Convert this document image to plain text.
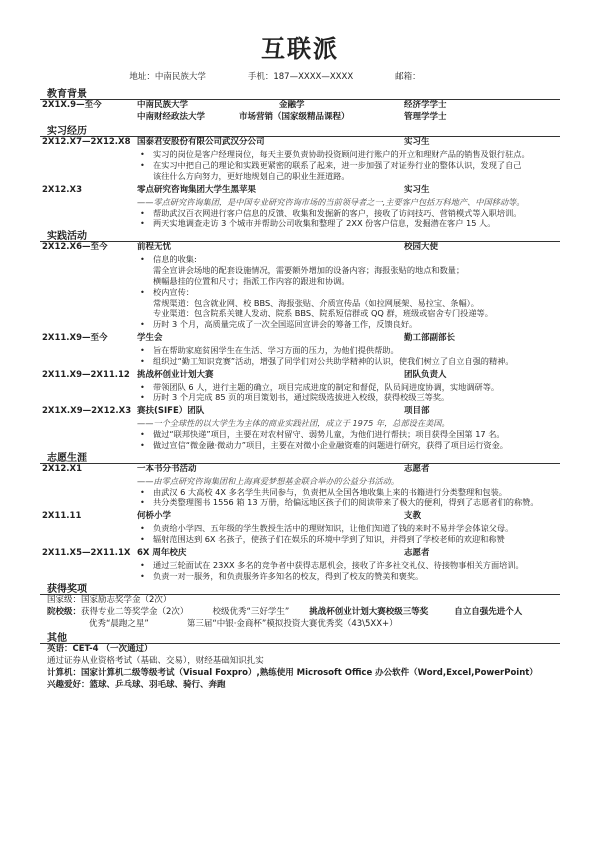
互联派
地址：中南民族大学	手机：187—XXXX—XXXX	邮箱：
教育背景
2X1X.9—至今	中南民族大学	金融学	经济学学士
中南财经政法大学	市场营销（国家级精品课程）	管理学学士
实习经历
2X12.X7—2X12.X8 国泰君安股份有限公司武汉分公司	实习生
• 实习的岗位是客户经理岗位，每天主要负责协助投资顾问进行账户的开立和理财产品的销售及银行驻点。
• 在实习中把自己的理论和实践更紧密的联系了起来，进一步加强了对证券行业的整体认识，发现了自己
该往什么方向努力，更好地规划自己的职业生涯道路。
2X12.X3	零点研究咨询集团大学生黑苹果	实习生
——零点研究咨询集团，是中国专业研究咨询市场的当前领导者之一,主要客户包括万科地产、中国移动等。
• 帮助武汉百衣网进行客户信息的反馈、收集和发掘新的客户，接收了访问技巧、营销模式等入职培训。
• 两天实地调查走访 3 个城市并帮助公司收集和整理了 2XX 份客户信息，发掘潜在客户 15 人。
实践活动
2X12.X6—至今	前程无忧	校园大使
• 信息的收集:
需全宣讲会场地的配套设施情况，需要额外增加的设备内容；海报张贴的地点和数量；
横幅悬挂的位置和尺寸；指派工作内容的跟进和协调。
• 校内宣传：
常规渠道：包含就业网、校 BBS、海报张贴、介质宣传品（如拉网展架、易拉宝、条幅）。
专业渠道：包含院系关键人发动、院系 BBS、院系短信群或 QQ 群，班级或宿舍专门投递等。
• 历时 3 个月，高质量完成了一次全国巡回宣讲会的筹备工作，反馈良好。
2X11.X9—至今	学生会	勤工部副部长
• 旨在帮助家庭贫困学生在生活、学习方面的压力，为他们提供帮助。
• 组织过“勤工知识竞赛”活动，增强了同学们对公共助学精神的认识，使我们树立了自立自强的精神。
2X11.X9—2X11.12 挑战杯创业计划大赛	团队负责人
• 带领团队 6 人，进行主题的确立，项目完成进度的制定和督促，队员间进度协调，实地调研等。
• 历时 3 个月完成 85 页的项目策划书，通过院级选拔进入校级，获得校级三等奖。
2X1X.X9—2X12.X3 赛扶(SIFE）团队	项目部
——一个全球性的以大学生为主体的商业实践社团，成立于 1975 年，总部设在美国。
• 做过“联邦快递”项目，主要在对农村留守、弱势儿童，为他们进行帮扶；项目获得全国第 17 名。
• 做过宣信“微金融·微动力”项目，主要在对微小企业融资难的问题进行研究，获得了项目运行资金。
志愿生涯
2X12.X1	一本书分书活动	志愿者
——由零点研究咨询集团和上海真爱梦想基金联合举办的公益分书活动。
• 由武汉 6 大高校 4X 多名学生共同参与，负责把从全国各地收集上来的书籍进行分类整理和包装。
• 共分类整理图书 1556 箱 13 万册，给偏远地区孩子们的阅读带来了极大的便利，得到了志愿者们的称赞。
2X11.11	何桥小学	支教
• 负责给小学四、五年级的学生教授生活中的理财知识，让他们知道了钱的来时不易并学会体谅父母。
• 辐射范围达到 6X 名孩子，使孩子们在娱乐的环境中学到了知识，并得到了学校老师的欢迎和称赞
2X11.X5—2X11.1X 6X 周年校庆	志愿者
• 通过三轮面试在 23XX 多名的竞争者中获得志愿机会，接收了许多社交礼仪、待接物事相关方面培训。
• 负责一对一服务，和负责服务许多知名的校友，得到了校友的赞美和褒奖。
获得奖项
国家级：国家励志奖学金（2次）
院校级： 获得专业二等奖学金（2次）	校级优秀“三好学生” 挑战杯创业计划大赛校级三等奖	自立自强先进个人
优秀“晨跑之星”	第三届“中银·金商杯”模拟投资大赛优秀奖（43\5XX+）
其他
英语：CET-4 （一次通过）
通过证券从业资格考试（基础、交易），财经基础知识扎实
计算机：国家计算机二级等级考试（Visual Foxpro）,熟练使用 Microsoft Office 办公软件（Word,Excel,PowerPoint）
兴趣爱好：篮球、乒乓球、羽毛球、骑行、奔跑
